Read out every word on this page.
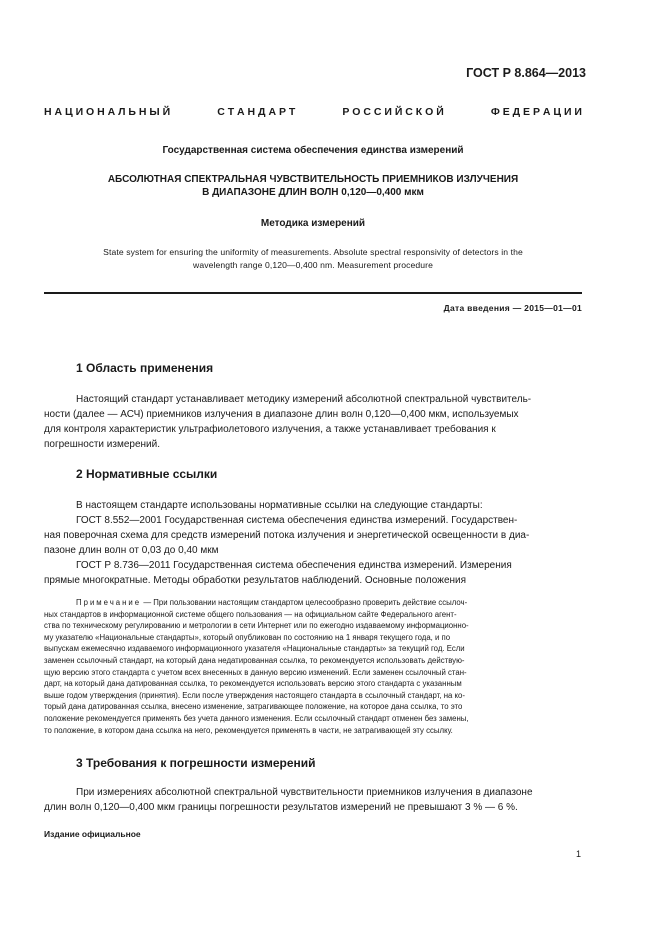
ГОСТ Р 8.864—2013
Н А Ц И О Н А Л Ь Н Ы Й	С Т А Н Д А Р Т	Р О С С И Й С К О Й	Ф Е Д Е Р А Ц И И
Государственная система обеспечения единства измерений
АБСОЛЮТНАЯ СПЕКТРАЛЬНАЯ ЧУВСТВИТЕЛЬНОСТЬ ПРИЕМНИКОВ ИЗЛУЧЕНИЯ
В ДИАПАЗОНЕ ДЛИН ВОЛН 0,120—0,400 мкм
Методика измерений
State system for ensuring the uniformity of measurements. Absolute spectral responsivity of detectors in the
wavelength range 0,120—0,400 nm. Measurement procedure
Дата введения — 2015—01—01
1 Область применения
Настоящий стандарт устанавливает методику измерений абсолютной спектральной чувствитель-
ности (далее — АСЧ) приемников излучения в диапазоне длин волн 0,120—0,400 мкм, используемых
для контроля характеристик ультрафиолетового излучения, а также устанавливает требования к
погрешности измерений.
2 Нормативные ссылки
В настоящем стандарте использованы нормативные ссылки на следующие стандарты:
ГОСТ 8.552—2001 Государственная система обеспечения единства измерений. Государствен-
ная поверочная схема для средств измерений потока излучения и энергетической освещенности в диа-
пазоне длин волн от 0,03 до 0,40 мкм
ГОСТ Р 8.736—2011 Государственная система обеспечения единства измерений. Измерения
прямые многократные. Методы обработки результатов наблюдений. Основные положения
Примечание — При пользовании настоящим стандартом целесообразно проверить действие ссылоч-
ных стандартов в информационной системе общего пользования — на официальном сайте Федерального агент-
ства по техническому регулированию и метрологии в сети Интернет или по ежегодно издаваемому информационно-
му указателю «Национальные стандарты», который опубликован по состоянию на 1 января текущего года, и по
выпускам ежемесячно издаваемого информационного указателя «Национальные стандарты» за текущий год. Если
заменен ссылочный стандарт, на который дана недатированная ссылка, то рекомендуется использовать действую-
щую версию этого стандарта с учетом всех внесенных в данную версию изменений. Если заменен ссылочный стан-
дарт, на который дана датированная ссылка, то рекомендуется использовать версию этого стандарта с указанным
выше годом утверждения (принятия). Если после утверждения настоящего стандарта в ссылочный стандарт, на ко-
торый дана датированная ссылка, внесено изменение, затрагивающее положение, на которое дана ссылка, то это
положение рекомендуется применять без учета данного изменения. Если ссылочный стандарт отменен без замены,
то положение, в котором дана ссылка на него, рекомендуется применять в части, не затрагивающей эту ссылку.
3 Требования к погрешности измерений
При измерениях абсолютной спектральной чувствительности приемников излучения в диапазоне
длин волн 0,120—0,400 мкм границы погрешности результатов измерений не превышают 3 % — 6 %.
Издание официальное
1
